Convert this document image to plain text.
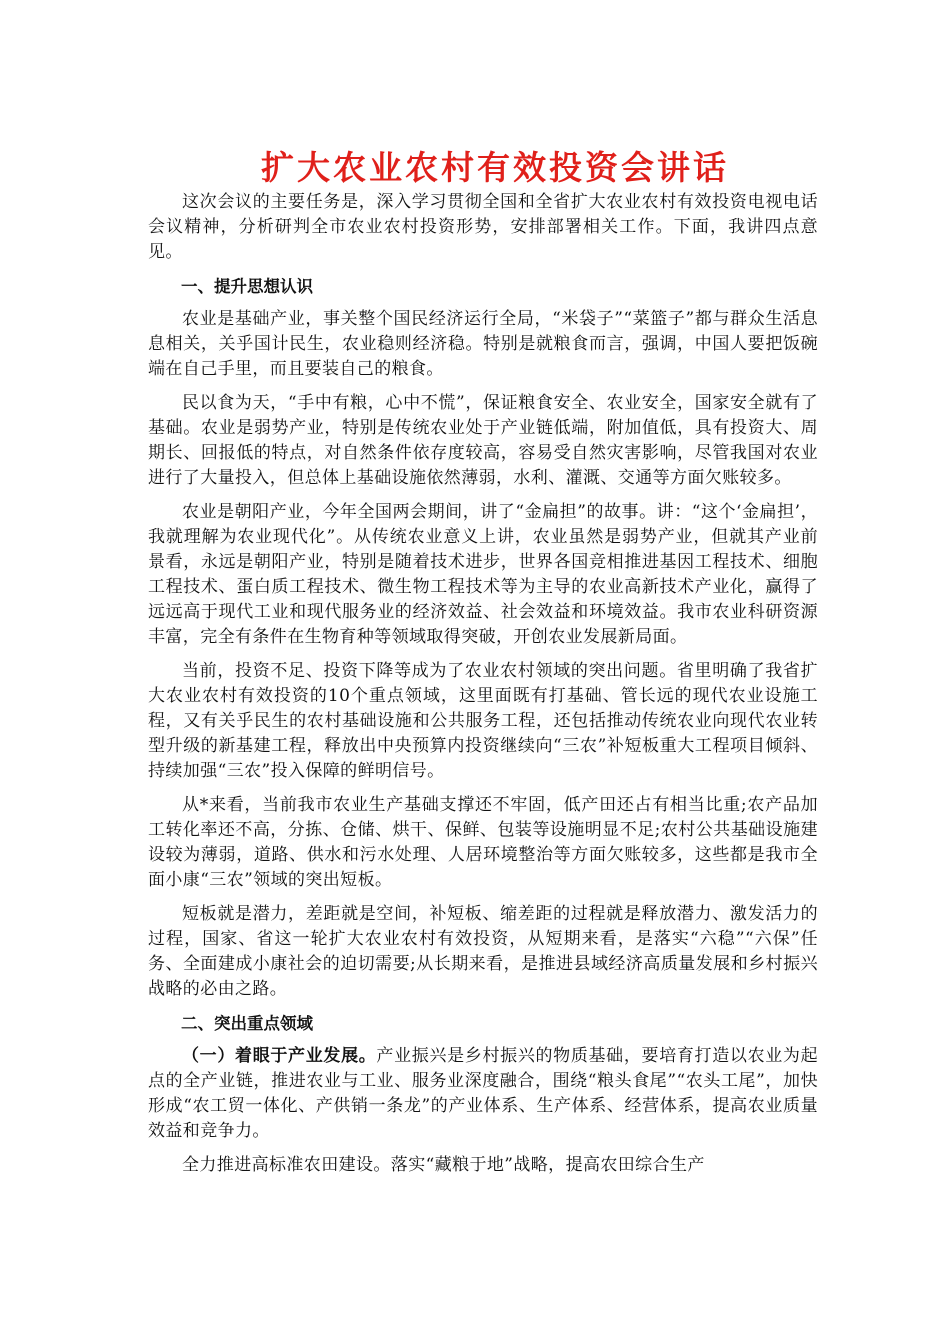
扩大农业农村有效投资会讲话

这次会议的主要任务是，深入学习贯彻全国和全省扩大农业农村有效投资电视电话会议精神，分析研判全市农业农村投资形势，安排部署相关工作。下面，我讲四点意见。

一、提升思想认识

农业是基础产业，事关整个国民经济运行全局，“米袋子”“菜篮子”都与群众生活息息相关，关乎国计民生，农业稳则经济稳。特别是就粮食而言，强调，中国人要把饭碗端在自己手里，而且要装自己的粮食。

民以食为天，“手中有粮，心中不慌”，保证粮食安全、农业安全，国家安全就有了基础。农业是弱势产业，特别是传统农业处于产业链低端，附加值低，具有投资大、周期长、回报低的特点，对自然条件依存度较高，容易受自然灾害影响，尽管我国对农业进行了大量投入，但总体上基础设施依然薄弱，水利、灌溉、交通等方面欠账较多。

农业是朝阳产业，今年全国两会期间，讲了“金扁担”的故事。讲：“这个‘金扁担’，我就理解为农业现代化”。从传统农业意义上讲，农业虽然是弱势产业，但就其产业前景看，永远是朝阳产业，特别是随着技术进步，世界各国竞相推进基因工程技术、细胞工程技术、蛋白质工程技术、微生物工程技术等为主导的农业高新技术产业化，赢得了远远高于现代工业和现代服务业的经济效益、社会效益和环境效益。我市农业科研资源丰富，完全有条件在生物育种等领域取得突破，开创农业发展新局面。

当前，投资不足、投资下降等成为了农业农村领域的突出问题。省里明确了我省扩大农业农村有效投资的10个重点领域，这里面既有打基础、管长远的现代农业设施工程，又有关乎民生的农村基础设施和公共服务工程，还包括推动传统农业向现代农业转型升级的新基建工程，释放出中央预算内投资继续向“三农”补短板重大工程项目倾斜、持续加强“三农”投入保障的鲜明信号。

从*来看，当前我市农业生产基础支撑还不牢固，低产田还占有相当比重;农产品加工转化率还不高，分拣、仓储、烘干、保鲜、包装等设施明显不足;农村公共基础设施建设较为薄弱，道路、供水和污水处理、人居环境整治等方面欠账较多，这些都是我市全面小康“三农”领域的突出短板。

短板就是潜力，差距就是空间，补短板、缩差距的过程就是释放潜力、激发活力的过程，国家、省这一轮扩大农业农村有效投资，从短期来看，是落实“六稳”“六保”任务、全面建成小康社会的迫切需要;从长期来看，是推进县域经济高质量发展和乡村振兴战略的必由之路。

二、突出重点领域

（一）着眼于产业发展。产业振兴是乡村振兴的物质基础，要培育打造以农业为起点的全产业链，推进农业与工业、服务业深度融合，围绕“粮头食尾”“农头工尾”，加快形成“农工贸一体化、产供销一条龙”的产业体系、生产体系、经营体系，提高农业质量效益和竞争力。

全力推进高标准农田建设。落实“藏粮于地”战略，提高农田综合生产
